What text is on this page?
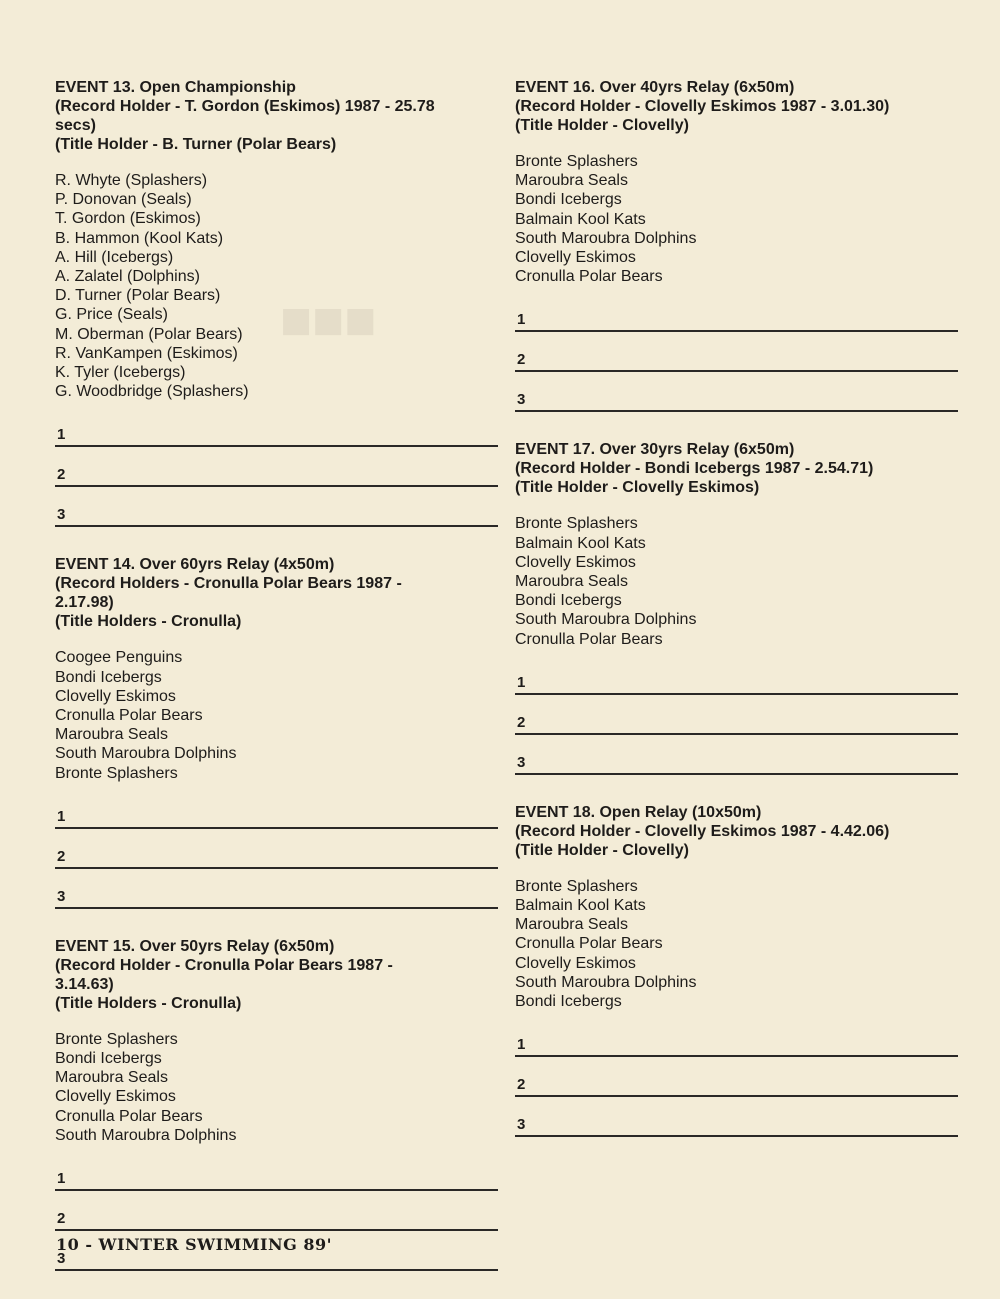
■■■
EVENT 13. Open Championship
(Record Holder - T. Gordon (Eskimos) 1987 - 25.78
secs)
(Title Holder - B. Turner (Polar Bears)
R. Whyte (Splashers)
P. Donovan (Seals)
T. Gordon (Eskimos)
B. Hammon (Kool Kats)
A. Hill (Icebergs)
A. Zalatel (Dolphins)
D. Turner (Polar Bears)
G. Price (Seals)
M. Oberman (Polar Bears)
R. VanKampen (Eskimos)
K. Tyler (Icebergs)
G. Woodbridge (Splashers)
1
2
3
EVENT 14. Over 60yrs Relay (4x50m)
(Record Holders - Cronulla Polar Bears 1987 -
2.17.98)
(Title Holders - Cronulla)
Coogee Penguins
Bondi Icebergs
Clovelly Eskimos
Cronulla Polar Bears
Maroubra Seals
South Maroubra Dolphins
Bronte Splashers
1
2
3
EVENT 15. Over 50yrs Relay (6x50m)
(Record Holder - Cronulla Polar Bears 1987 -
3.14.63)
(Title Holders - Cronulla)
Bronte Splashers
Bondi Icebergs
Maroubra Seals
Clovelly Eskimos
Cronulla Polar Bears
South Maroubra Dolphins
1
2
3
EVENT 16. Over 40yrs Relay (6x50m)
(Record Holder - Clovelly Eskimos 1987 - 3.01.30)
(Title Holder - Clovelly)
Bronte Splashers
Maroubra Seals
Bondi Icebergs
Balmain Kool Kats
South Maroubra Dolphins
Clovelly Eskimos
Cronulla Polar Bears
1
2
3
EVENT 17. Over 30yrs Relay (6x50m)
(Record Holder - Bondi Icebergs 1987 - 2.54.71)
(Title Holder - Clovelly Eskimos)
Bronte Splashers
Balmain Kool Kats
Clovelly Eskimos
Maroubra Seals
Bondi Icebergs
South Maroubra Dolphins
Cronulla Polar Bears
1
2
3
EVENT 18. Open Relay (10x50m)
(Record Holder - Clovelly Eskimos 1987 - 4.42.06)
(Title Holder - Clovelly)
Bronte Splashers
Balmain Kool Kats
Maroubra Seals
Cronulla Polar Bears
Clovelly Eskimos
South Maroubra Dolphins
Bondi Icebergs
1
2
3
10 - WINTER SWIMMING 89'
